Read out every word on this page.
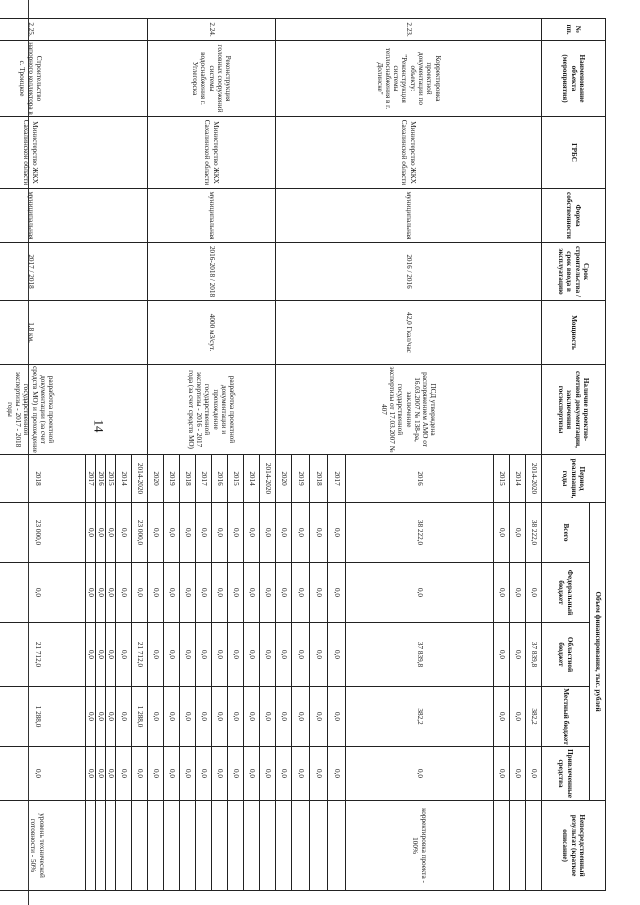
14
№ пп.	Наименование объекта (мероприятия)	ГРБС	Форма собственности	Срок строительства / срок ввода в эксплуатацию	Мощность	Наличие проектно-сметной документации, заключения госэкспертизы	Период реализации, годы	Объем финансирования, тыс. рублей					Непосредственный результат (краткое описание)
								Всего	Федеральный бюджет	Областной бюджет	Местный бюджет	Привлеченные средства	
2.23.	Корректировка проектной документации по объекту: "Реконструкция системы теплоснабжения в г. Долинске"	Министерство ЖКХ Сахалинской области	муниципальная	2016 / 2016	42,0 Гкал/час	ПСД утверждена распоряжением АМО от 16.03.2007 № 138-ра, заключение государственной экспертизы от 17.03.2007 № 407	2014-2020	38 222,0	0,0	37 839,8	382,2	0,0	
							2014	0,0	0,0	0,0	0,0	0,0	
							2015	0,0	0,0	0,0	0,0	0,0	
							2016	38 222,0	0,0	37 839,8	382,2	0,0	корректировка проекта - 100%
							2017	0,0	0,0	0,0	0,0	0,0	
							2018	0,0	0,0	0,0	0,0	0,0	
							2019	0,0	0,0	0,0	0,0	0,0	
							2020	0,0	0,0	0,0	0,0	0,0	
2.24.	Реконструкция головных сооружений системы водоснабжения г. Углегорска	Министерство ЖКХ Сахалинской области	муниципальная	2016-2018 / 2018	4000 м3/сут.	разработка проектной документации и прохождение государственной экспертизы - 2016 - 2017 года (за счет средств МО)	2014-2020	0,0	0,0	0,0	0,0	0,0	
							2014	0,0	0,0	0,0	0,0	0,0	
							2015	0,0	0,0	0,0	0,0	0,0	
							2016	0,0	0,0	0,0	0,0	0,0	
							2017	0,0	0,0	0,0	0,0	0,0	
							2018	0,0	0,0	0,0	0,0	0,0	
							2019	0,0	0,0	0,0	0,0	0,0	
							2020	0,0	0,0	0,0	0,0	0,0	
2.25.	Строительство напорного коллектора в с. Троицкое	Министерство ЖКХ Сахалинской области	муниципальная	2017 / 2018	1,8 км.	разработка проектной документации (за счет средств МО) и прохождение государственной экспертизы - 2017 - 2018 годы	2014-2020	23 000,0	0,0	21 712,0	1 288,0	0,0	
							2014	0,0	0,0	0,0	0,0	0,0	
							2015	0,0	0,0	0,0	0,0	0,0	
							2016	0,0	0,0	0,0	0,0	0,0	
							2017	0,0	0,0	0,0	0,0	0,0	
							2018	23 000,0	0,0	21 712,0	1 288,0	0,0	уровень технической готовности - 50%
